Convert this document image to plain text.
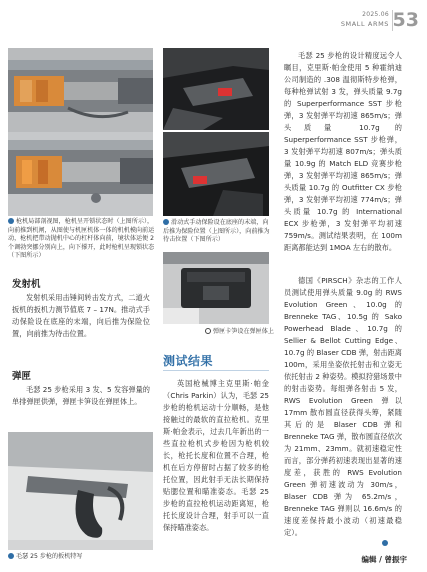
2025.06
SMALL ARMS 53
枪机局部剖视图，枪机呈开锁状态时（上图所示），向前推到机闸，从图使与机匣机体一体的机机模向前运动，枪机把带动抛机中心的杠杆体向前，境状体运便 2 个调勃突挪分别向上，向下撑开，此时枪机呈现锁状态（下图所示）
滑动式手动保险设在底座的末端，向后推为保险位置（上图所示），向前推为待击位置（下图所示）
弹匣卡笋设在弹匣体上
发射机

发射机采用击锤间转击发方式，二道火扳机的扳机力测节值底 7 – 17N。推动式手动保险设在底座的末端，向后推为保险位置，向前推为待击位置。

弹匣

毛瑟 25 步枪采用 3 发、5 发容弹量的单排弹匣供弹，弹匣卡笋设在弹匣体上。

毛瑟 25 步枪的扳机特写
测试结果

英国枪械博主克里斯·帕金（Chris Parkin）认为，毛瑟 25 步枪的枪机运动十分顺畅，是他接触过的最软的直拉枪机。克里斯·帕金表示，过去几年新出的一些直拉枪机式步枪因为枪机较长，枪托长度和位置不合理，枪机在后方停留时占据了较多的枪托位置，因此射手无法长期保持贴腮位置和瞄准姿态。毛瑟 25 步枪的直拉枪机运动距离短，枪托长度设计合理，射手可以一直保持瞄准姿态。

毛瑟 25 步枪的设计精度远令人瞩目，克里斯·帕金使用 5 种霍纳迪公司制造的 .308 温彻斯特步枪弹，每种枪弹试射 3 发，弹头质量 9.7g 的 Superperformance SST 步枪弹，3 发射弹平均初速 865m/s；弹头质量 10.7g 的 Superperformance SST 步枪弹，3 发射弹平均初速 807m/s；弹头质量 10.9g 的 Match ELD 竞赛步枪弹，3 发射弹平均初速 865m/s；弹头质量 10.7g 的 Outfitter CX 步枪弹，3 发射弹平均初速 774m/s；弹头质量 10.7g 的 International ECX 步枪弹，3 发射弹平均初速 759m/s。测试结果表明，在 100m 距离都能达到 1MOA 左右的散布。

德国《PIRSCH》杂志的工作人员测试使用弹头质量 9.0g 的 RWS Evolution Green、10.0g 的 Brenneke TAG、10.5g 的 Sako Powerhead Blade、10.7g 的 Sellier & Bellot Cutting Edge、10.7g 的 Blaser CDB 弹，射击距离 100m，采用坐姿依托射击和立姿无依托射击 2 种姿势。模拟狩猎场景中的射击姿势。每组弹各射击 5 发，RWS Evolution Green 弹以 17mm 散布圆直径获得头筹，紧随其后的是 Blaser CDB 弹和 Brenneke TAG 弹，散布圆直径依次为 21mm、23mm。就初速稳定性而言，部分弹药初速表现出显著的速度差，获胜的 RWS Evolution Green 弹初速波动为 30m/s，Blaser CDB 弹为 65.2m/s，Brenneke TAG 弹则以 16.6m/s 的速度差保持最小波动（初速最稳定）。

编辑 / 曾振宇
